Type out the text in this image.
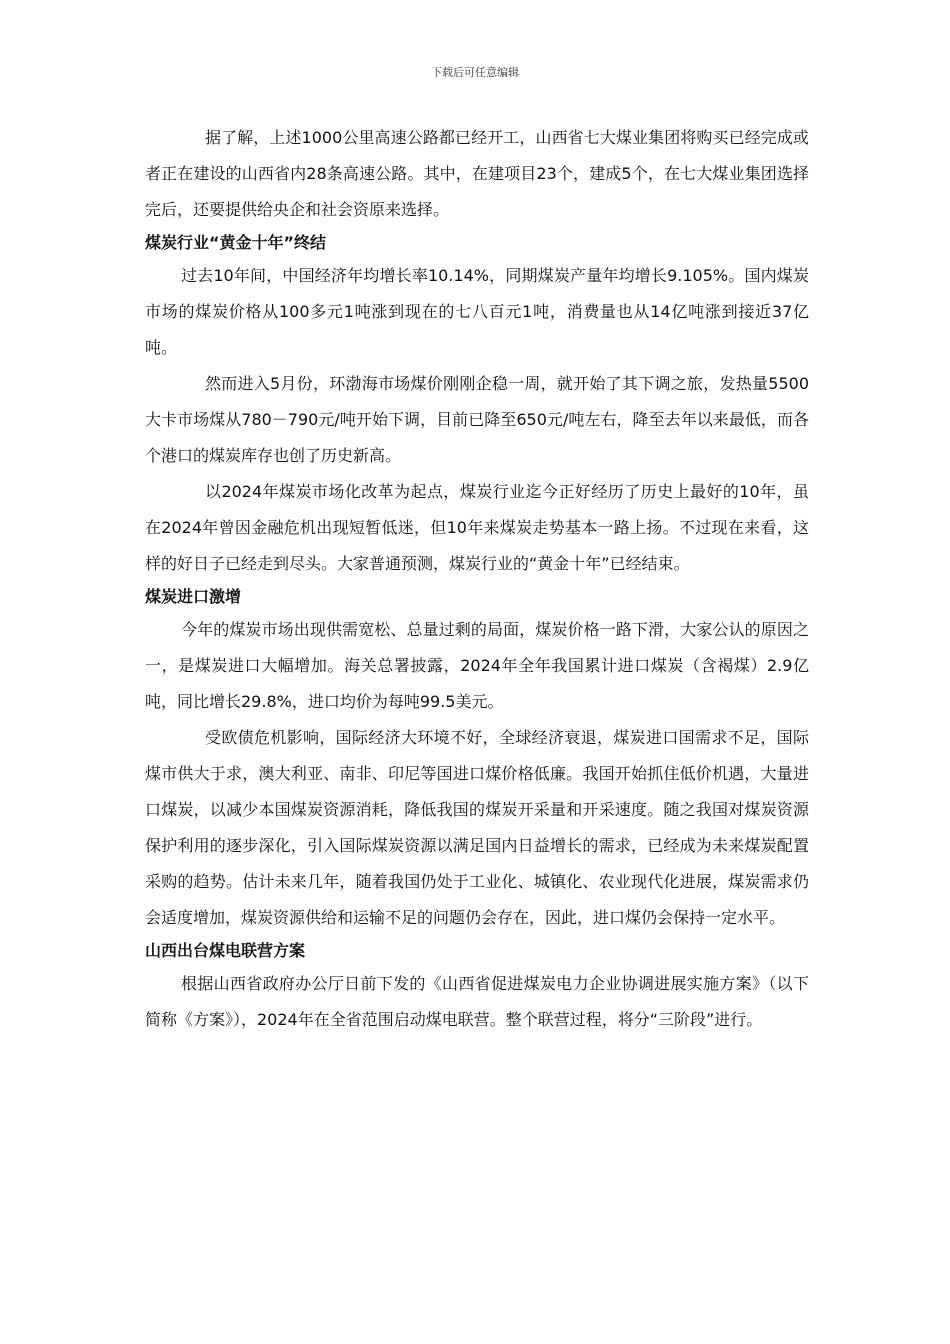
下载后可任意编辑

据了解，上述1000公里高速公路都已经开工，山西省七大煤业集团将购买已经完成或者正在建设的山西省内28条高速公路。其中，在建项目23个，建成5个，在七大煤业集团选择完后，还要提供给央企和社会资原来选择。

煤炭行业“黄金十年”终结

过去10年间，中国经济年均增长率10.14%，同期煤炭产量年均增长9.105%。国内煤炭市场的煤炭价格从100多元1吨涨到现在的七八百元1吨，消费量也从14亿吨涨到接近37亿吨。

然而进入5月份，环渤海市场煤价刚刚企稳一周，就开始了其下调之旅，发热量5500大卡市场煤从780－790元/吨开始下调，目前已降至650元/吨左右，降至去年以来最低，而各个港口的煤炭库存也创了历史新高。

以2024年煤炭市场化改革为起点，煤炭行业迄今正好经历了历史上最好的10年，虽在2024年曾因金融危机出现短暂低迷，但10年来煤炭走势基本一路上扬。不过现在来看，这样的好日子已经走到尽头。大家普通预测，煤炭行业的“黄金十年”已经结束。

煤炭进口激增

今年的煤炭市场出现供需宽松、总量过剩的局面，煤炭价格一路下滑，大家公认的原因之一，是煤炭进口大幅增加。海关总署披露，2024年全年我国累计进口煤炭（含褐煤）2.9亿吨，同比增长29.8%，进口均价为每吨99.5美元。

受欧债危机影响，国际经济大环境不好，全球经济衰退，煤炭进口国需求不足，国际煤市供大于求，澳大利亚、南非、印尼等国进口煤价格低廉。我国开始抓住低价机遇，大量进口煤炭，以减少本国煤炭资源消耗，降低我国的煤炭开采量和开采速度。随之我国对煤炭资源保护利用的逐步深化，引入国际煤炭资源以满足国内日益增长的需求，已经成为未来煤炭配置采购的趋势。估计未来几年，随着我国仍处于工业化、城镇化、农业现代化进展，煤炭需求仍会适度增加，煤炭资源供给和运输不足的问题仍会存在，因此，进口煤仍会保持一定水平。

山西出台煤电联营方案

根据山西省政府办公厅日前下发的《山西省促进煤炭电力企业协调进展实施方案》（以下简称《方案》），2024年在全省范围启动煤电联营。整个联营过程，将分“三阶段”进行。
